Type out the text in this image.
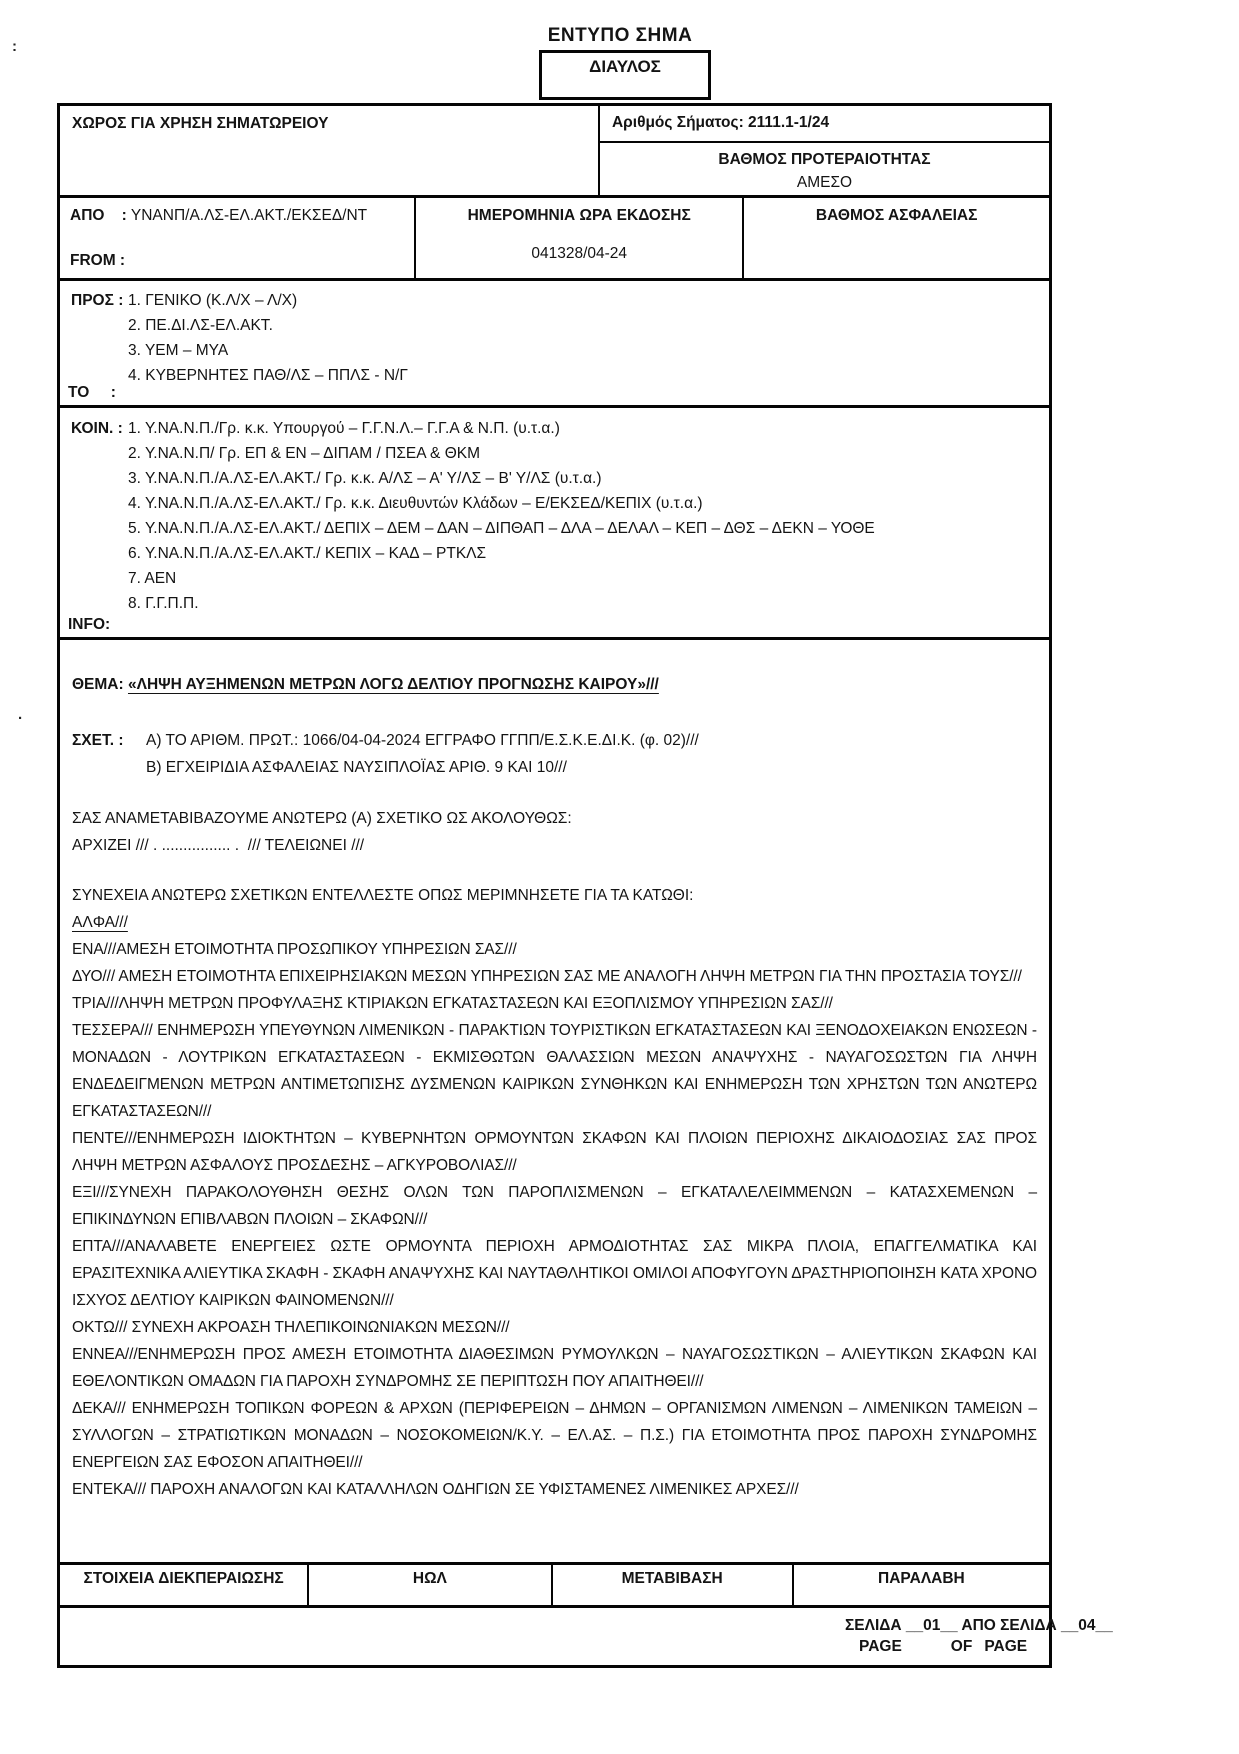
:
.
ΕΝΤΥΠΟ ΣΗΜΑ
ΔΙΑΥΛΟΣ
ΧΩΡΟΣ ΓΙΑ ΧΡΗΣΗ ΣΗΜΑΤΩΡΕΙΟΥ	Αριθμός Σήματος: 2111.1-1/24
ΒΑΘΜΟΣ ΠΡΟΤΕΡΑΙΟΤΗΤΑΣ
ΑΜΕΣΟ
ΑΠΟ    : ΥΝΑΝΠ/Α.ΛΣ-ΕΛ.ΑΚΤ./ΕΚΣΕΔ/ΝΤ
FROM :
ΗΜΕΡΟΜΗΝΙΑ ΩΡΑ ΕΚΔΟΣΗΣ
041328/04-24
ΒΑΘΜΟΣ ΑΣΦΑΛΕΙΑΣ
ΠΡΟΣ : 1. ΓΕΝΙΚΟ (Κ.Λ/Χ – Λ/Χ)
2. ΠΕ.ΔΙ.ΛΣ-ΕΛ.ΑΚΤ.
3. ΥΕΜ – ΜΥΑ
4. ΚΥΒΕΡΝΗΤΕΣ ΠΑΘ/ΛΣ – ΠΠΛΣ - Ν/Γ
TO     :
ΚΟΙΝ. : 1. Υ.ΝΑ.Ν.Π./Γρ. κ.κ. Υπουργού – Γ.Γ.Ν.Λ.– Γ.Γ.Α & Ν.Π. (υ.τ.α.)
2. Υ.ΝΑ.Ν.Π/ Γρ. ΕΠ & ΕΝ – ΔΙΠΑΜ / ΠΣΕΑ & ΘΚΜ
3. Υ.ΝΑ.Ν.Π./Α.ΛΣ-ΕΛ.ΑΚΤ./ Γρ. κ.κ. Α/ΛΣ – Α' Υ/ΛΣ – Β' Υ/ΛΣ (υ.τ.α.)
4. Υ.ΝΑ.Ν.Π./Α.ΛΣ-ΕΛ.ΑΚΤ./ Γρ. κ.κ. Διευθυντών Κλάδων – Ε/ΕΚΣΕΔ/ΚΕΠΙΧ (υ.τ.α.)
5. Υ.ΝΑ.Ν.Π./Α.ΛΣ-ΕΛ.ΑΚΤ./ ΔΕΠΙΧ – ΔΕΜ – ΔΑΝ – ΔΙΠΘΑΠ – ΔΛΑ – ΔΕΛΑΛ – ΚΕΠ – ΔΘΣ – ΔΕΚΝ – ΥΟΘΕ
6. Υ.ΝΑ.Ν.Π./Α.ΛΣ-ΕΛ.ΑΚΤ./ ΚΕΠΙΧ – ΚΑΔ – ΡΤΚΛΣ
7. ΑΕΝ
8. Γ.Γ.Π.Π.
INFO:
ΘΕΜΑ: «ΛΗΨΗ ΑΥΞΗΜΕΝΩΝ ΜΕΤΡΩΝ ΛΟΓΩ ΔΕΛΤΙΟΥ ΠΡΟΓΝΩΣΗΣ ΚΑΙΡΟΥ»///
ΣΧΕΤ. :	Α) ΤΟ ΑΡΙΘΜ. ΠΡΩΤ.: 1066/04-04-2024 ΕΓΓΡΑΦΟ ΓΓΠΠ/Ε.Σ.Κ.Ε.ΔΙ.Κ. (φ. 02)///
Β) ΕΓΧΕΙΡΙΔΙΑ ΑΣΦΑΛΕΙΑΣ ΝΑΥΣΙΠΛΟΪΑΣ ΑΡΙΘ. 9 ΚΑΙ 10///
ΣΑΣ ΑΝΑΜΕΤΑΒΙΒΑΖΟΥΜΕ ΑΝΩΤΕΡΩ (Α) ΣΧΕΤΙΚΟ ΩΣ ΑΚΟΛΟΥΘΩΣ:
ΑΡΧΙΖΕΙ /// . ................ .  /// ΤΕΛΕΙΩΝΕΙ ///
ΣΥΝΕΧΕΙΑ ΑΝΩΤΕΡΩ ΣΧΕΤΙΚΩΝ ΕΝΤΕΛΛΕΣΤΕ ΟΠΩΣ ΜΕΡΙΜΝΗΣΕΤΕ ΓΙΑ ΤΑ ΚΑΤΩΘΙ:
ΑΛΦΑ///
ΕΝΑ///ΑΜΕΣΗ ΕΤΟΙΜΟΤΗΤΑ ΠΡΟΣΩΠΙΚΟΥ ΥΠΗΡΕΣΙΩΝ ΣΑΣ///
ΔΥΟ/// ΑΜΕΣΗ ΕΤΟΙΜΟΤΗΤΑ ΕΠΙΧΕΙΡΗΣΙΑΚΩΝ ΜΕΣΩΝ ΥΠΗΡΕΣΙΩΝ ΣΑΣ ΜΕ ΑΝΑΛΟΓΗ ΛΗΨΗ ΜΕΤΡΩΝ ΓΙΑ ΤΗΝ ΠΡΟΣΤΑΣΙΑ ΤΟΥΣ///
ΤΡΙΑ///ΛΗΨΗ ΜΕΤΡΩΝ ΠΡΟΦΥΛΑΞΗΣ ΚΤΙΡΙΑΚΩΝ ΕΓΚΑΤΑΣΤΑΣΕΩΝ ΚΑΙ ΕΞΟΠΛΙΣΜΟΥ ΥΠΗΡΕΣΙΩΝ ΣΑΣ///
ΤΕΣΣΕΡΑ/// ΕΝΗΜΕΡΩΣΗ ΥΠΕΥΘΥΝΩΝ ΛΙΜΕΝΙΚΩΝ - ΠΑΡΑΚΤΙΩΝ ΤΟΥΡΙΣΤΙΚΩΝ ΕΓΚΑΤΑΣΤΑΣΕΩΝ ΚΑΙ ΞΕΝΟΔΟΧΕΙΑΚΩΝ ΕΝΩΣΕΩΝ - ΜΟΝΑΔΩΝ - ΛΟΥΤΡΙΚΩΝ ΕΓΚΑΤΑΣΤΑΣΕΩΝ - ΕΚΜΙΣΘΩΤΩΝ ΘΑΛΑΣΣΙΩΝ ΜΕΣΩΝ ΑΝΑΨΥΧΗΣ - ΝΑΥΑΓΟΣΩΣΤΩΝ ΓΙΑ ΛΗΨΗ ΕΝΔΕΔΕΙΓΜΕΝΩΝ ΜΕΤΡΩΝ ΑΝΤΙΜΕΤΩΠΙΣΗΣ ΔΥΣΜΕΝΩΝ ΚΑΙΡΙΚΩΝ ΣΥΝΘΗΚΩΝ ΚΑΙ ΕΝΗΜΕΡΩΣΗ ΤΩΝ ΧΡΗΣΤΩΝ ΤΩΝ ΑΝΩΤΕΡΩ ΕΓΚΑΤΑΣΤΑΣΕΩΝ///
ΠΕΝΤΕ///ΕΝΗΜΕΡΩΣΗ ΙΔΙΟΚΤΗΤΩΝ – ΚΥΒΕΡΝΗΤΩΝ ΟΡΜΟΥΝΤΩΝ ΣΚΑΦΩΝ ΚΑΙ ΠΛΟΙΩΝ ΠΕΡΙΟΧΗΣ ΔΙΚΑΙΟΔΟΣΙΑΣ ΣΑΣ ΠΡΟΣ ΛΗΨΗ ΜΕΤΡΩΝ ΑΣΦΑΛΟΥΣ ΠΡΟΣΔΕΣΗΣ – ΑΓΚΥΡΟΒΟΛΙΑΣ///
ΕΞΙ///ΣΥΝΕΧΗ ΠΑΡΑΚΟΛΟΥΘΗΣΗ ΘΕΣΗΣ ΟΛΩΝ ΤΩΝ ΠΑΡΟΠΛΙΣΜΕΝΩΝ – ΕΓΚΑΤΑΛΕΛΕΙΜΜΕΝΩΝ – ΚΑΤΑΣΧΕΜΕΝΩΝ – ΕΠΙΚΙΝΔΥΝΩΝ ΕΠΙΒΛΑΒΩΝ ΠΛΟΙΩΝ – ΣΚΑΦΩΝ///
ΕΠΤΑ///ΑΝΑΛΑΒΕΤΕ ΕΝΕΡΓΕΙΕΣ ΩΣΤΕ ΟΡΜΟΥΝΤΑ ΠΕΡΙΟΧΗ ΑΡΜΟΔΙΟΤΗΤΑΣ ΣΑΣ ΜΙΚΡΑ ΠΛΟΙΑ, ΕΠΑΓΓΕΛΜΑΤΙΚΑ ΚΑΙ ΕΡΑΣΙΤΕΧΝΙΚΑ ΑΛΙΕΥΤΙΚΑ ΣΚΑΦΗ - ΣΚΑΦΗ ΑΝΑΨΥΧΗΣ ΚΑΙ ΝΑΥΤΑΘΛΗΤΙΚΟΙ ΟΜΙΛΟΙ ΑΠΟΦΥΓΟΥΝ ΔΡΑΣΤΗΡΙΟΠΟΙΗΣΗ ΚΑΤΑ ΧΡΟΝΟ ΙΣΧΥΟΣ ΔΕΛΤΙΟΥ ΚΑΙΡΙΚΩΝ ΦΑΙΝΟΜΕΝΩΝ///
ΟΚΤΩ/// ΣΥΝΕΧΗ ΑΚΡΟΑΣΗ ΤΗΛΕΠΙΚΟΙΝΩΝΙΑΚΩΝ ΜΕΣΩΝ///
ΕΝΝΕΑ///ΕΝΗΜΕΡΩΣΗ ΠΡΟΣ ΑΜΕΣΗ ΕΤΟΙΜΟΤΗΤΑ ΔΙΑΘΕΣΙΜΩΝ ΡΥΜΟΥΛΚΩΝ – ΝΑΥΑΓΟΣΩΣΤΙΚΩΝ – ΑΛΙΕΥΤΙΚΩΝ ΣΚΑΦΩΝ ΚΑΙ ΕΘΕΛΟΝΤΙΚΩΝ ΟΜΑΔΩΝ ΓΙΑ ΠΑΡΟΧΗ ΣΥΝΔΡΟΜΗΣ ΣΕ ΠΕΡΙΠΤΩΣΗ ΠΟΥ ΑΠΑΙΤΗΘΕΙ///
ΔΕΚΑ/// ΕΝΗΜΕΡΩΣΗ ΤΟΠΙΚΩΝ ΦΟΡΕΩΝ & ΑΡΧΩΝ (ΠΕΡΙΦΕΡΕΙΩΝ – ΔΗΜΩΝ – ΟΡΓΑΝΙΣΜΩΝ ΛΙΜΕΝΩΝ – ΛΙΜΕΝΙΚΩΝ ΤΑΜΕΙΩΝ – ΣΥΛΛΟΓΩΝ – ΣΤΡΑΤΙΩΤΙΚΩΝ ΜΟΝΑΔΩΝ – ΝΟΣΟΚΟΜΕΙΩΝ/Κ.Υ. – ΕΛ.ΑΣ. – Π.Σ.) ΓΙΑ ΕΤΟΙΜΟΤΗΤΑ ΠΡΟΣ ΠΑΡΟΧΗ ΣΥΝΔΡΟΜΗΣ ΕΝΕΡΓΕΙΩΝ ΣΑΣ ΕΦΟΣΟΝ ΑΠΑΙΤΗΘΕΙ///
ΕΝΤΕΚΑ/// ΠΑΡΟΧΗ ΑΝΑΛΟΓΩΝ ΚΑΙ ΚΑΤΑΛΛΗΛΩΝ ΟΔΗΓΙΩΝ ΣΕ ΥΦΙΣΤΑΜΕΝΕΣ ΛΙΜΕΝΙΚΕΣ ΑΡΧΕΣ///
ΣΤΟΙΧΕΙΑ ΔΙΕΚΠΕΡΑΙΩΣΗΣ	ΗΩΛ	ΜΕΤΑΒΙΒΑΣΗ	ΠΑΡΑΛΑΒΗ
ΣΕΛΙΔΑ __01__ ΑΠΟ ΣΕΛΙΔΑ __04__
PAGE	OF PAGE
